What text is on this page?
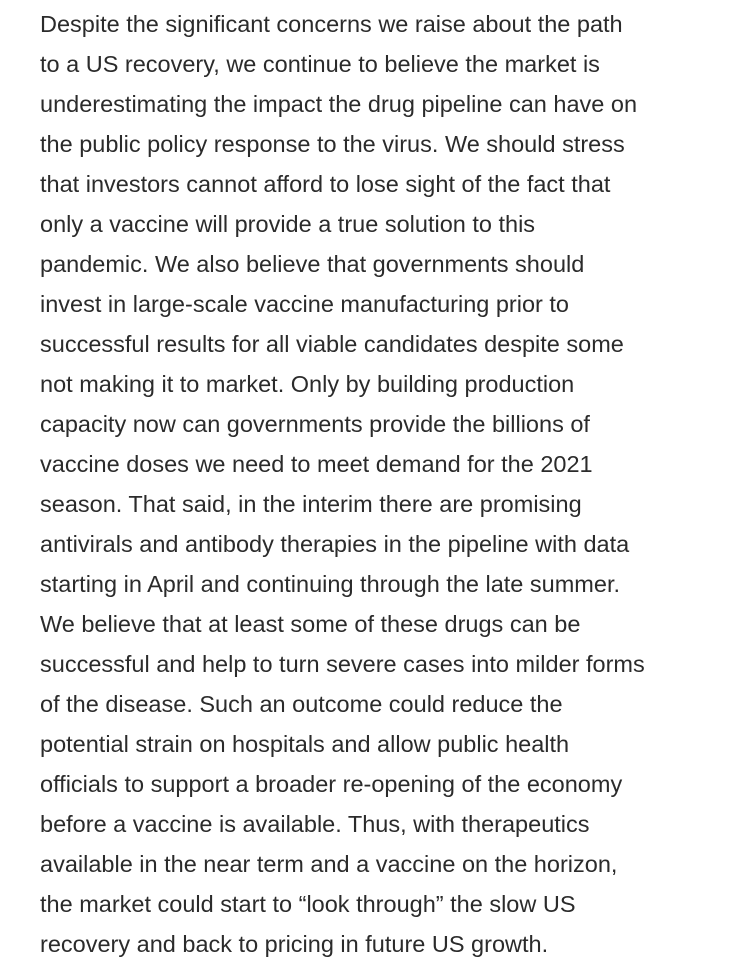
Despite the significant concerns we raise about the path
to a US recovery, we continue to believe the market is
underestimating the impact the drug pipeline can have on
the public policy response to the virus. We should stress
that investors cannot afford to lose sight of the fact that
only a vaccine will provide a true solution to this
pandemic. We also believe that governments should
invest in large-scale vaccine manufacturing prior to
successful results for all viable candidates despite some
not making it to market. Only by building production
capacity now can governments provide the billions of
vaccine doses we need to meet demand for the 2021
season. That said, in the interim there are promising
antivirals and antibody therapies in the pipeline with data
starting in April and continuing through the late summer.
We believe that at least some of these drugs can be
successful and help to turn severe cases into milder forms
of the disease. Such an outcome could reduce the
potential strain on hospitals and allow public health
officials to support a broader re-opening of the economy
before a vaccine is available. Thus, with therapeutics
available in the near term and a vaccine on the horizon,
the market could start to “look through” the slow US
recovery and back to pricing in future US growth.
